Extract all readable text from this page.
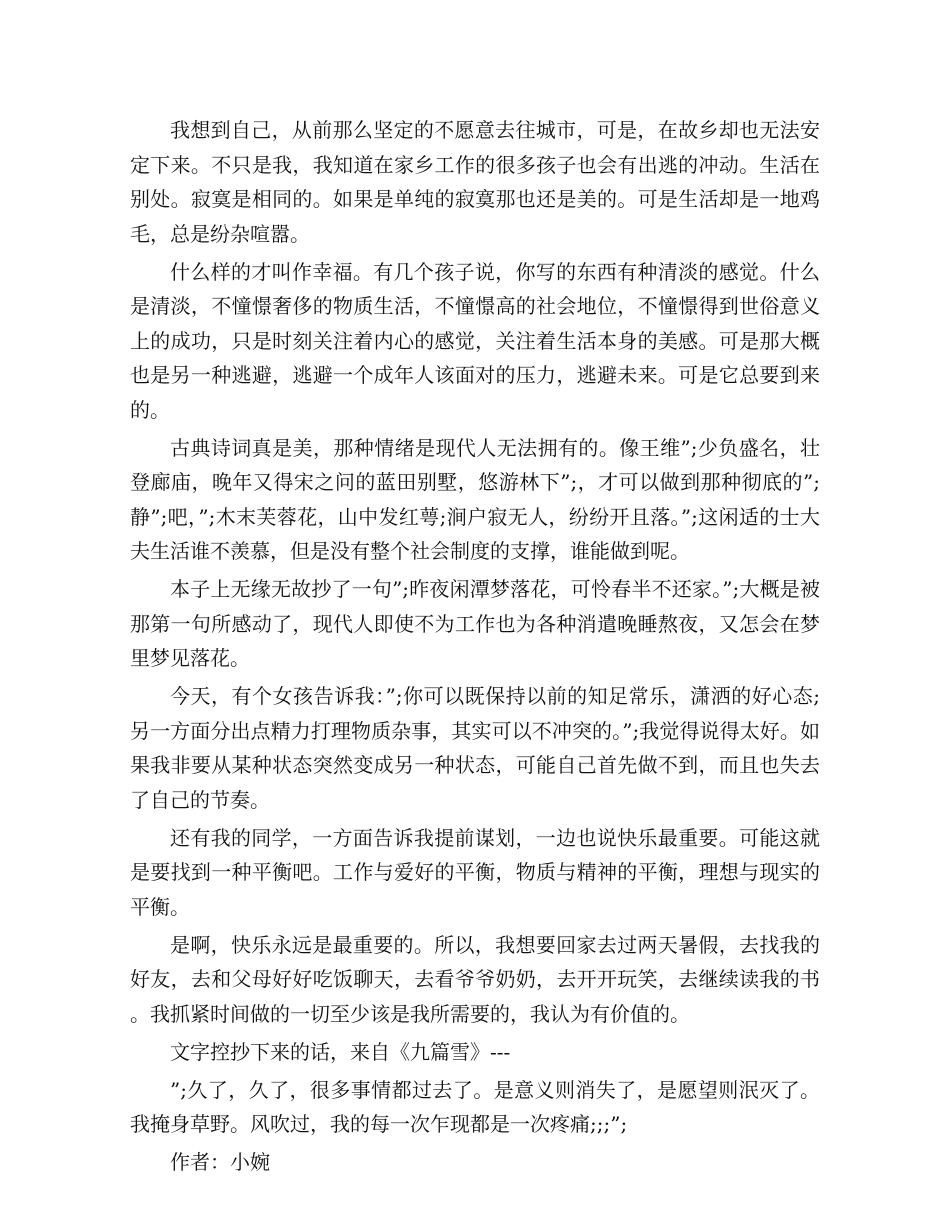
我想到自己，从前那么坚定的不愿意去往城市，可是，在故乡却也无法安定下来。不只是我，我知道在家乡工作的很多孩子也会有出逃的冲动。生活在别处。寂寞是相同的。如果是单纯的寂寞那也还是美的。可是生活却是一地鸡毛，总是纷杂喧嚣。

什么样的才叫作幸福。有几个孩子说，你写的东西有种清淡的感觉。什么是清淡，不憧憬奢侈的物质生活，不憧憬高的社会地位，不憧憬得到世俗意义上的成功，只是时刻关注着内心的感觉，关注着生活本身的美感。可是那大概也是另一种逃避，逃避一个成年人该面对的压力，逃避未来。可是它总要到来的。

古典诗词真是美，那种情绪是现代人无法拥有的。像王维”;少负盛名，壮登廊庙，晚年又得宋之问的蓝田别墅，悠游林下”;，才可以做到那种彻底的”;静”;吧，”;木末芙蓉花，山中发红萼;涧户寂无人，纷纷开且落。”;这闲适的士大夫生活谁不羡慕，但是没有整个社会制度的支撑，谁能做到呢。

本子上无缘无故抄了一句”;昨夜闲潭梦落花，可怜春半不还家。”;大概是被那第一句所感动了，现代人即使不为工作也为各种消遣晚睡熬夜，又怎会在梦里梦见落花。

今天，有个女孩告诉我：”;你可以既保持以前的知足常乐，潇洒的好心态;另一方面分出点精力打理物质杂事，其实可以不冲突的。”;我觉得说得太好。如果我非要从某种状态突然变成另一种状态，可能自己首先做不到，而且也失去了自己的节奏。

还有我的同学，一方面告诉我提前谋划，一边也说快乐最重要。可能这就是要找到一种平衡吧。工作与爱好的平衡，物质与精神的平衡，理想与现实的平衡。

是啊，快乐永远是最重要的。所以，我想要回家去过两天暑假，去找我的好友，去和父母好好吃饭聊天，去看爷爷奶奶，去开开玩笑，去继续读我的书。我抓紧时间做的一切至少该是我所需要的，我认为有价值的。

文字控抄下来的话，来自《九篇雪》---

”;久了，久了，很多事情都过去了。是意义则消失了，是愿望则泯灭了。我掩身草野。风吹过，我的每一次乍现都是一次疼痛;;;”;

作者：小婉
